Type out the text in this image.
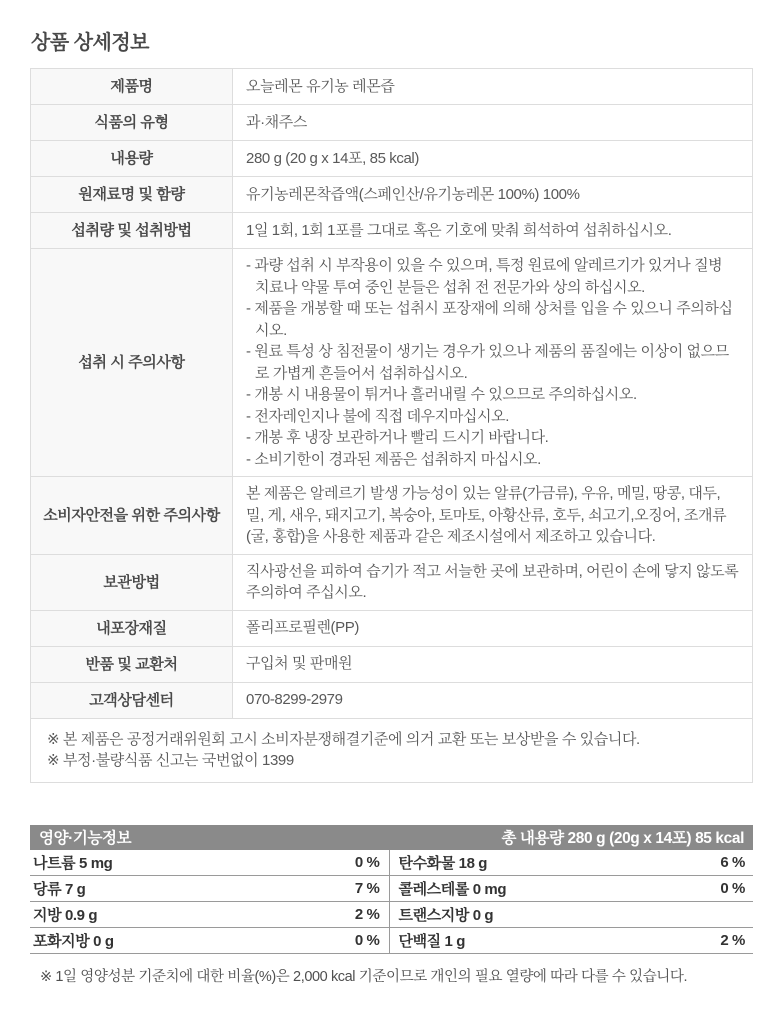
상품 상세정보
제품명	오늘레몬 유기농 레몬즙
식품의 유형	과·채주스
내용량	280 g (20 g x 14포, 85 kcal)
원재료명 및 함량	유기농레몬착즙액(스페인산/유기농레몬 100%) 100%
섭취량 및 섭취방법	1일 1회, 1회 1포를 그대로 혹은 기호에 맞춰 희석하여 섭취하십시오.
섭취 시 주의사항	
- 과량 섭취 시 부작용이 있을 수 있으며, 특정 원료에 알레르기가 있거나 질병 치료나 약물 투여 중인 분들은 섭취 전 전문가와 상의 하십시오.
- 제품을 개봉할 때 또는 섭취시 포장재에 의해 상처를 입을 수 있으니 주의하십시오.
- 원료 특성 상 침전물이 생기는 경우가 있으나 제품의 품질에는 이상이 없으므로 가볍게 흔들어서 섭취하십시오.
- 개봉 시 내용물이 튀거나 흘러내릴 수 있으므로 주의하십시오.
- 전자레인지나 불에 직접 데우지마십시오.
- 개봉 후 냉장 보관하거나 빨리 드시기 바랍니다.
- 소비기한이 경과된 제품은 섭취하지 마십시오.

소비자안전을 위한 주의사항	본 제품은 알레르기 발생 가능성이 있는 알류(가금류), 우유, 메밀, 땅콩, 대두, 밀, 게, 새우, 돼지고기, 복숭아, 토마토, 아황산류, 호두, 쇠고기,오징어, 조개류(굴, 홍합)을 사용한 제품과 같은 제조시설에서 제조하고 있습니다.
보관방법	직사광선을 피하여 습기가 적고 서늘한 곳에 보관하며, 어린이 손에 닿지 않도록 주의하여 주십시오.
내포장재질	폴리프로필렌(PP)
반품 및 교환처	구입처 및 판매원
고객상담센터	070-8299-2979

※ 본 제품은 공정거래위원회 고시 소비자분쟁해결기준에 의거 교환 또는 보상받을 수 있습니다.
※ 부정·불량식품 신고는 국번없이 1399	
영양·기능정보	총 내용량 280 g (20g x 14포) 85 kcal
나트륨 5 mg	0 % 탄수화물 18 g	6 %
당류 7 g	7 % 콜레스테롤 0 mg	0 %
지방 0.9 g	2 % 트랜스지방 0 g
포화지방 0 g	0 % 단백질 1 g	2 %
※ 1일 영양성분 기준치에 대한 비율(%)은 2,000 kcal 기준이므로 개인의 필요 열량에 따라 다를 수 있습니다.
